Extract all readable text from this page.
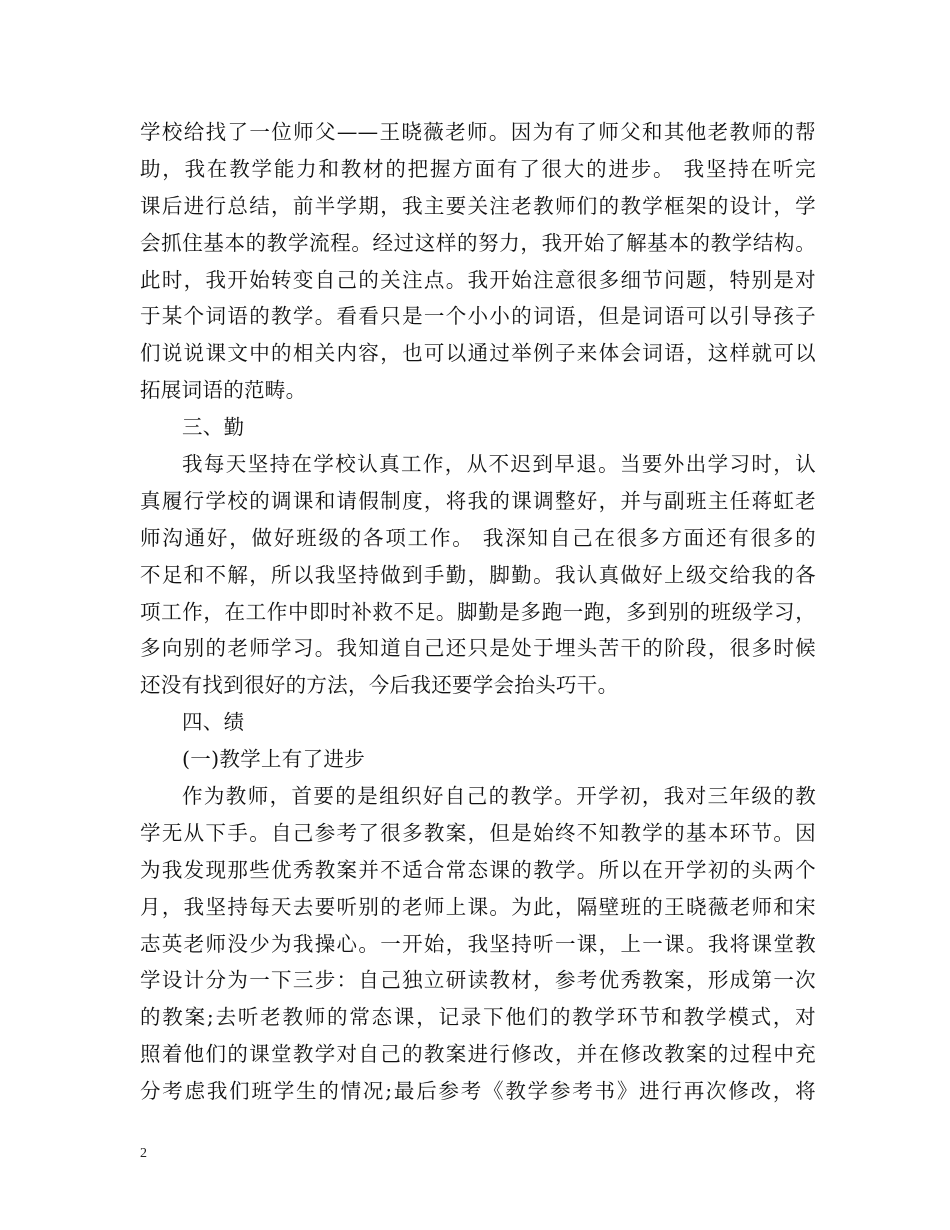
学校给找了一位师父——王晓薇老师。因为有了师父和其他老教师的帮
助，我在教学能力和教材的把握方面有了很大的进步。 我坚持在听完
课后进行总结，前半学期，我主要关注老教师们的教学框架的设计，学
会抓住基本的教学流程。经过这样的努力，我开始了解基本的教学结构。
此时，我开始转变自己的关注点。我开始注意很多细节问题，特别是对
于某个词语的教学。看看只是一个小小的词语，但是词语可以引导孩子
们说说课文中的相关内容，也可以通过举例子来体会词语，这样就可以
拓展词语的范畴。
三、勤
我每天坚持在学校认真工作，从不迟到早退。当要外出学习时，认
真履行学校的调课和请假制度，将我的课调整好，并与副班主任蒋虹老
师沟通好，做好班级的各项工作。 我深知自己在很多方面还有很多的
不足和不解，所以我坚持做到手勤，脚勤。我认真做好上级交给我的各
项工作，在工作中即时补救不足。脚勤是多跑一跑，多到别的班级学习，
多向别的老师学习。我知道自己还只是处于埋头苦干的阶段，很多时候
还没有找到很好的方法，今后我还要学会抬头巧干。
四、绩
(一)教学上有了进步
作为教师，首要的是组织好自己的教学。开学初，我对三年级的教
学无从下手。自己参考了很多教案，但是始终不知教学的基本环节。因
为我发现那些优秀教案并不适合常态课的教学。所以在开学初的头两个
月，我坚持每天去要听别的老师上课。为此，隔壁班的王晓薇老师和宋
志英老师没少为我操心。一开始，我坚持听一课，上一课。我将课堂教
学设计分为一下三步：自己独立研读教材，参考优秀教案，形成第一次
的教案;去听老教师的常态课，记录下他们的教学环节和教学模式，对
照着他们的课堂教学对自己的教案进行修改，并在修改教案的过程中充
分考虑我们班学生的情况;最后参考《教学参考书》进行再次修改，将
2
